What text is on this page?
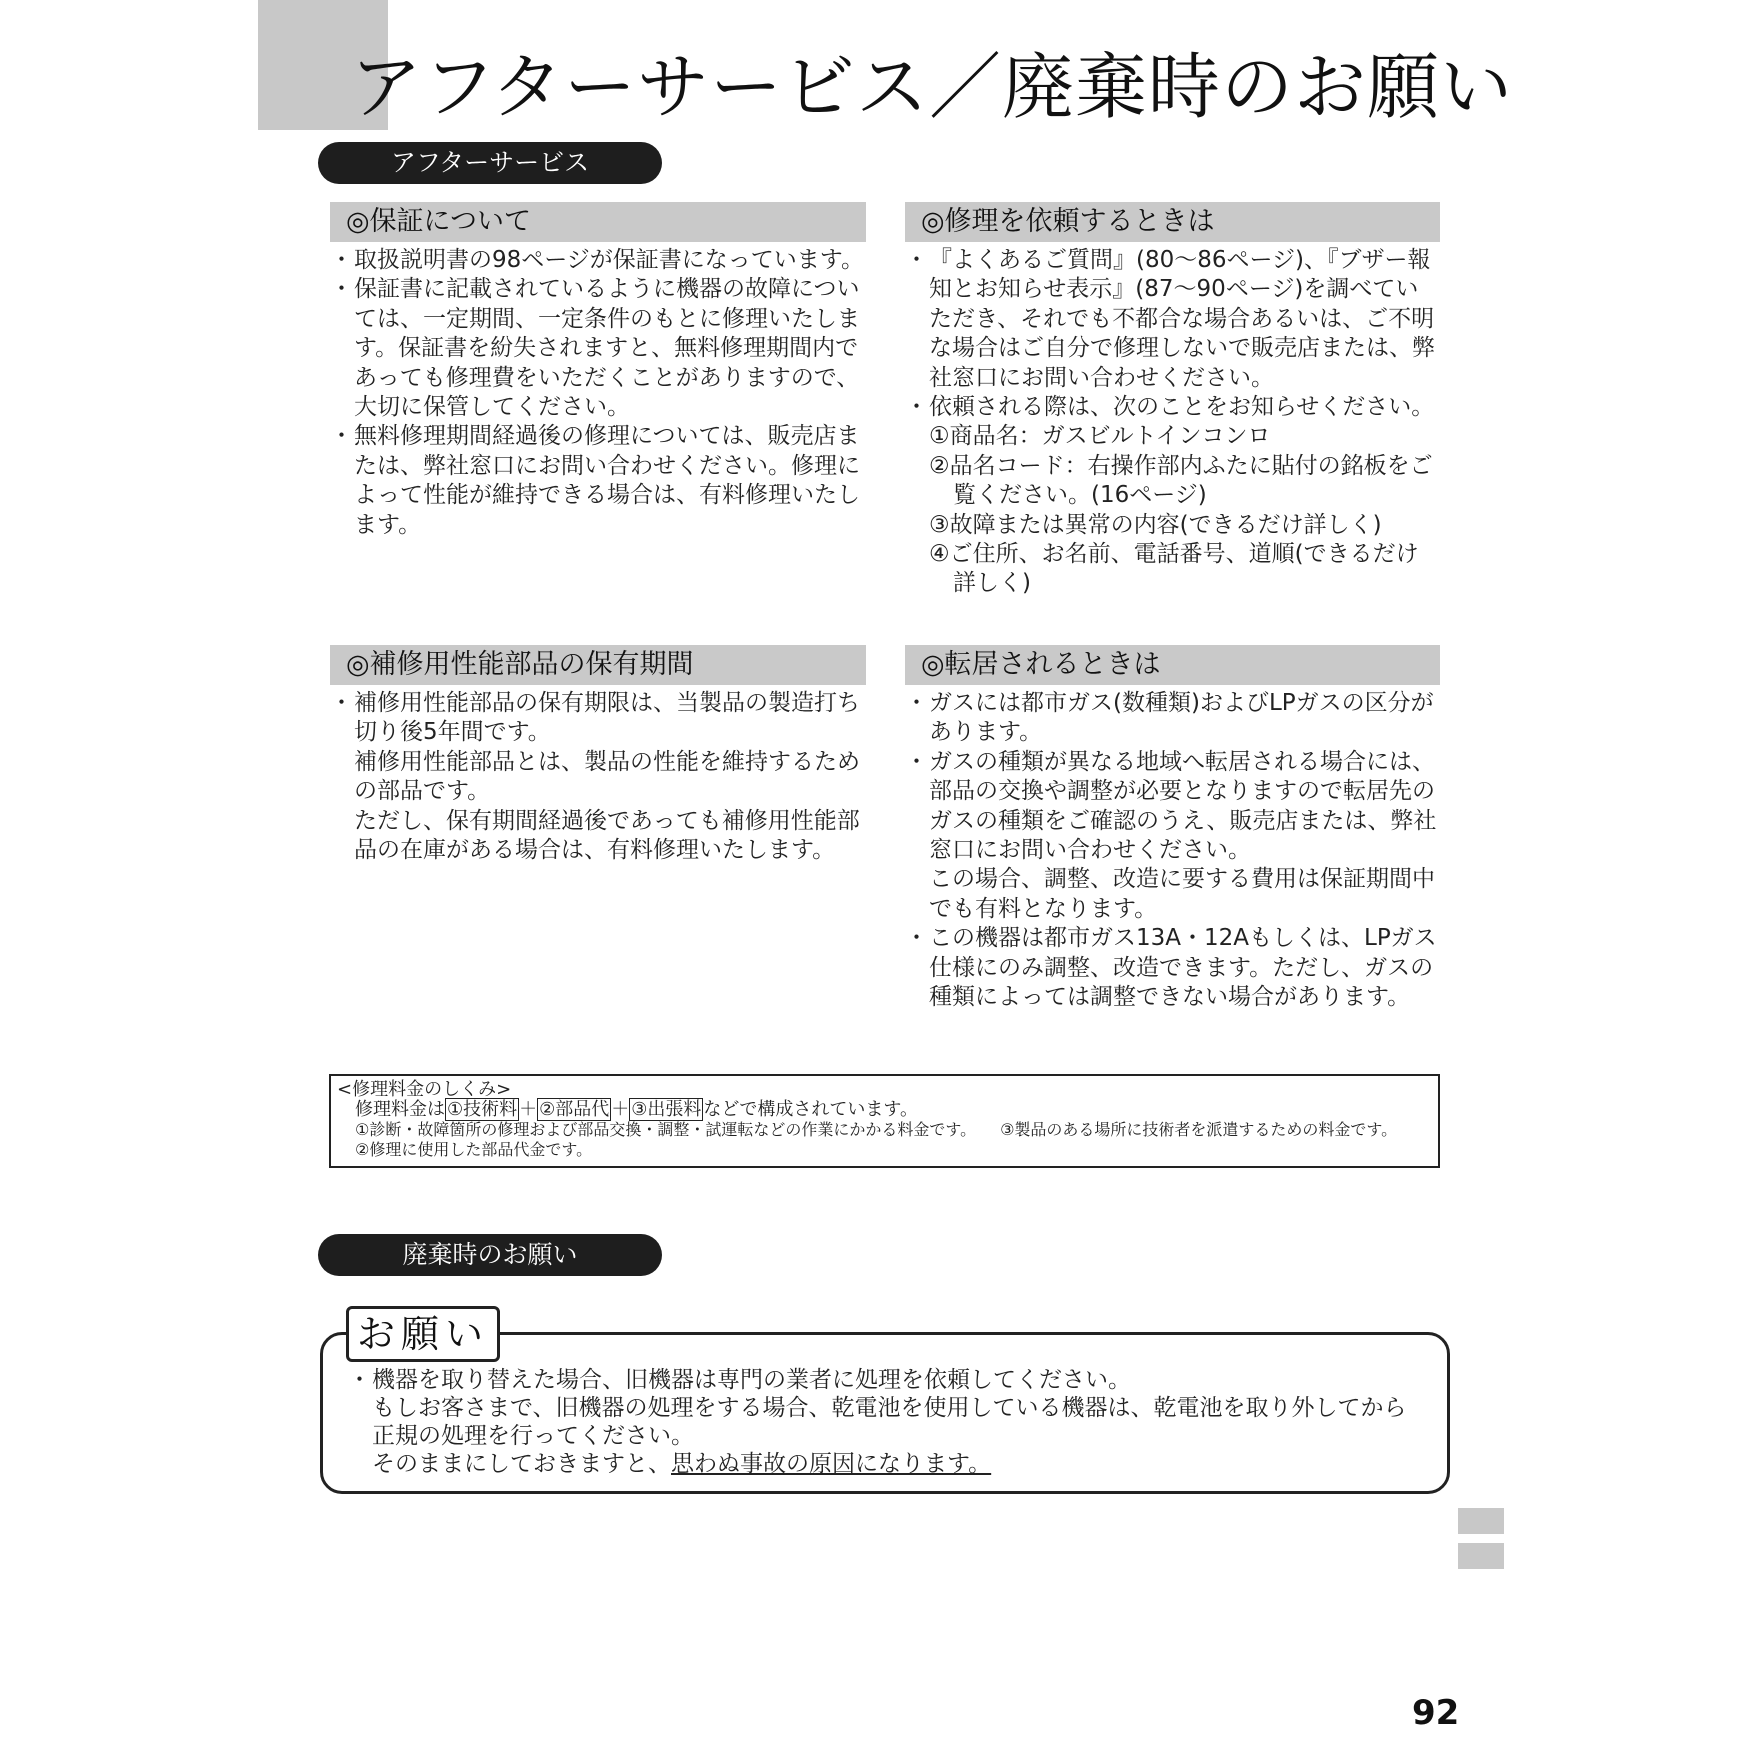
アフターサービス／廃棄時のお願い
アフターサービス
◎保証について
・ 取扱説明書の98ページが保証書になっています。
・ 保証書に記載されているように機器の故障については、一定期間、一定条件のもとに修理いたします。保証書を紛失されますと、無料修理期間内であっても修理費をいただくことがありますので、大切に保管してください。
・ 無料修理期間経過後の修理については、販売店または、弊社窓口にお問い合わせください。修理によって性能が維持できる場合は、有料修理いたします。
◎修理を依頼するときは
・ 『よくあるご質問』(80～86ページ)、『ブザー報知とお知らせ表示』(87～90ページ)を調べていただき、それでも不都合な場合あるいは、ご不明な場合はご自分で修理しないで販売店または、弊社窓口にお問い合わせください。
・ 依頼される際は、次のことをお知らせください。
①商品名：ガスビルトインコンロ
②品名コード：右操作部内ふたに貼付の銘板をご覧ください。(16ページ)
③故障または異常の内容(できるだけ詳しく)
④ご住所、お名前、電話番号、道順(できるだけ詳しく)
◎補修用性能部品の保有期間
・ 補修用性能部品の保有期限は、当製品の製造打ち切り後5年間です。

補修用性能部品とは、製品の性能を維持するための部品です。

ただし、保有期間経過後であっても補修用性能部品の在庫がある場合は、有料修理いたします。

◎転居されるときは
・ ガスには都市ガス(数種類)およびLPガスの区分があります。
・ ガスの種類が異なる地域へ転居される場合には、部品の交換や調整が必要となりますので転居先のガスの種類をご確認のうえ、販売店または、弊社窓口にお問い合わせください。

この場合、調整、改造に要する費用は保証期間中でも有料となります。

・ この機器は都市ガス13A・12Aもしくは、LPガス仕様にのみ調整、改造できます。ただし、ガスの種類によっては調整できない場合があります。
<修理料金のしくみ>
修理料金は ①技術料 ＋ ②部品代 ＋ ③出張料 などで構成されています。
①診断・故障箇所の修理および部品交換・調整・試運転などの作業にかかる料金です。 ③製品のある場所に技術者を派遣するための料金です。
②修理に使用した部品代金です。
廃棄時のお願い
お願い
・ 機器を取り替えた場合、旧機器は専門の業者に処理を依頼してください。

もしお客さまで、旧機器の処理をする場合、乾電池を使用している機器は、乾電池を取り外してから正規の処理を行ってください。

そのままにしておきますと、思わぬ事故の原因になります。

92
